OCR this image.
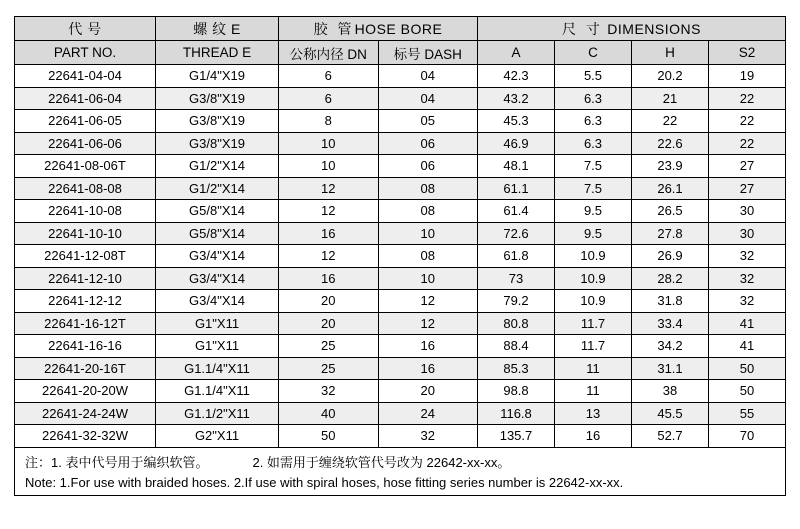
代 号	螺 纹 E	胶 管HOSE BORE		尺 寸 DIMENSIONS			
PART NO.	THREAD E	公称内径 DN	标号 DASH	A	C	H	S2
22641-04-04	G1/4"X19	6	04	42.3	5.5	20.2	19
22641-06-04	G3/8"X19	6	04	43.2	6.3	21	22
22641-06-05	G3/8"X19	8	05	45.3	6.3	22	22
22641-06-06	G3/8"X19	10	06	46.9	6.3	22.6	22
22641-08-06T	G1/2"X14	10	06	48.1	7.5	23.9	27
22641-08-08	G1/2"X14	12	08	61.1	7.5	26.1	27
22641-10-08	G5/8"X14	12	08	61.4	9.5	26.5	30
22641-10-10	G5/8"X14	16	10	72.6	9.5	27.8	30
22641-12-08T	G3/4"X14	12	08	61.8	10.9	26.9	32
22641-12-10	G3/4"X14	16	10	73	10.9	28.2	32
22641-12-12	G3/4"X14	20	12	79.2	10.9	31.8	32
22641-16-12T	G1"X11	20	12	80.8	11.7	33.4	41
22641-16-16	G1"X11	25	16	88.4	11.7	34.2	41
22641-20-16T	G1.1/4"X11	25	16	85.3	11	31.1	50
22641-20-20W	G1.1/4"X11	32	20	98.8	11	38	50
22641-24-24W	G1.1/2"X11	40	24	116.8	13	45.5	55
22641-32-32W	G2"X11	50	32	135.7	16	52.7	70
注：1. 表中代号用于编织软管。	2. 如需用于缠绕软管代号改为 22642-xx-xx。
Note: 1.For use with braided hoses. 2.If use with spiral hoses, hose fitting series number is 22642-xx-xx.
